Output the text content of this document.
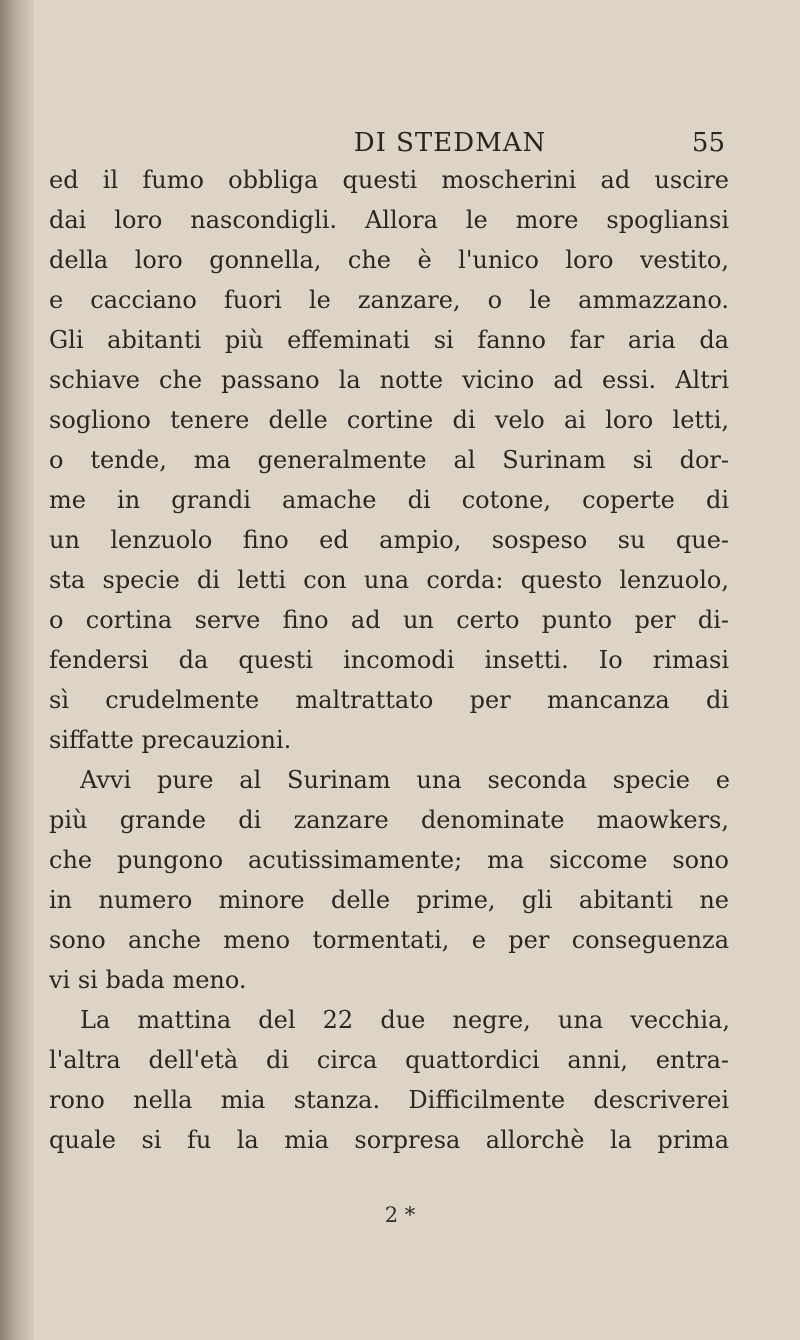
DI STEDMAN	55
ed il fumo obbliga questi moscherini ad uscire
dai loro nascondigli. Allora le more spogliansi
della loro gonnella, che è l'unico loro vestito,
e cacciano fuori le zanzare, o le ammazzano.
Gli abitanti più effeminati si fanno far aria da
schiave che passano la notte vicino ad essi. Altri
sogliono tenere delle cortine di velo ai loro letti,
o tende, ma generalmente al Surinam si dor-
me in grandi amache di cotone, coperte di
un lenzuolo fino ed ampio, sospeso su que-
sta specie di letti con una corda: questo lenzuolo,
o cortina serve fino ad un certo punto per di-
fendersi da questi incomodi insetti. Io rimasi
sì crudelmente maltrattato per mancanza di
siffatte precauzioni.
Avvi pure al Surinam una seconda specie e
più grande di zanzare denominate maowkers,
che pungono acutissimamente; ma siccome sono
in numero minore delle prime, gli abitanti ne
sono anche meno tormentati, e per conseguenza
vi si bada meno.
La mattina del 22 due negre, una vecchia,
l'altra dell'età di circa quattordici anni, entra-
rono nella mia stanza. Difficilmente descriverei
quale si fu la mia sorpresa allorchè la prima
2 *
